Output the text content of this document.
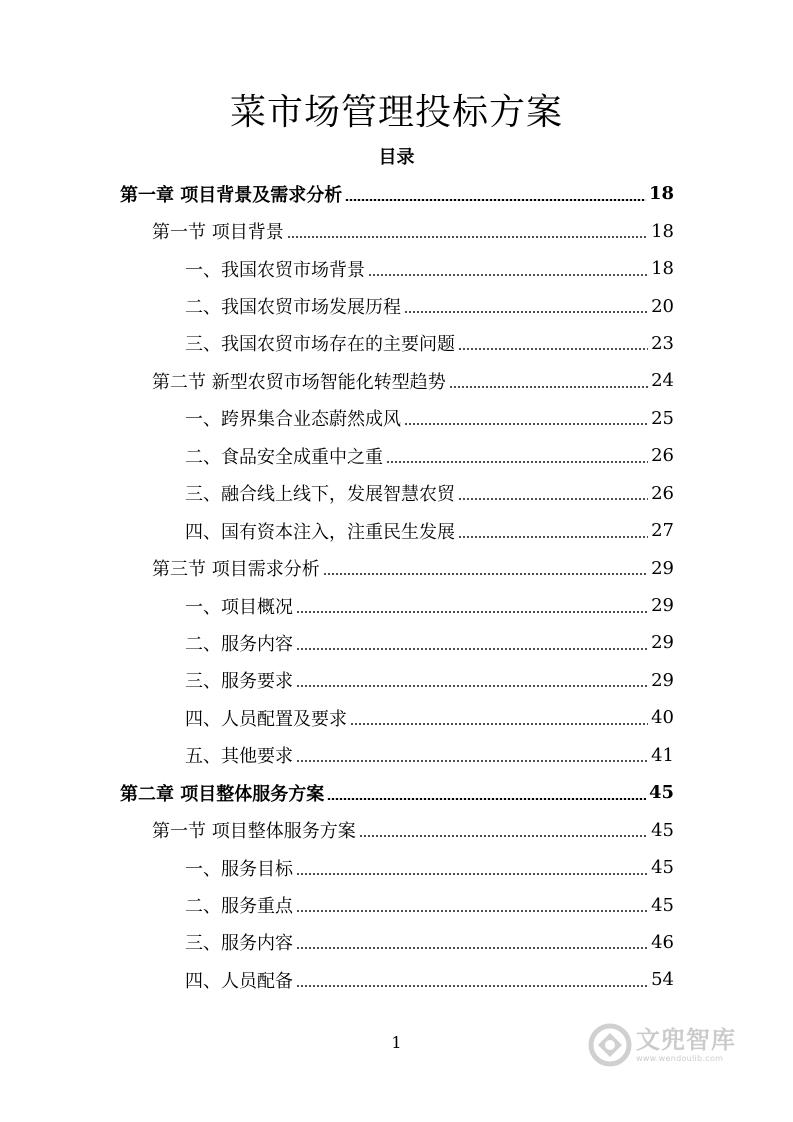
菜市场管理投标方案
目录
第一章 项目背景及需求分析	18
第一节 项目背景	18
一、我国农贸市场背景	18
二、我国农贸市场发展历程	20
三、我国农贸市场存在的主要问题	23
第二节 新型农贸市场智能化转型趋势	24
一、跨界集合业态蔚然成风	25
二、食品安全成重中之重	26
三、融合线上线下，发展智慧农贸	26
四、国有资本注入，注重民生发展	27
第三节 项目需求分析	29
一、项目概况	29
二、服务内容	29
三、服务要求	29
四、人员配置及要求	40
五、其他要求	41
第二章 项目整体服务方案	45
第一节 项目整体服务方案	45
一、服务目标	45
二、服务重点	45
三、服务内容	46
四、人员配备	54
1	文兜智库
www.wendoulib.com
